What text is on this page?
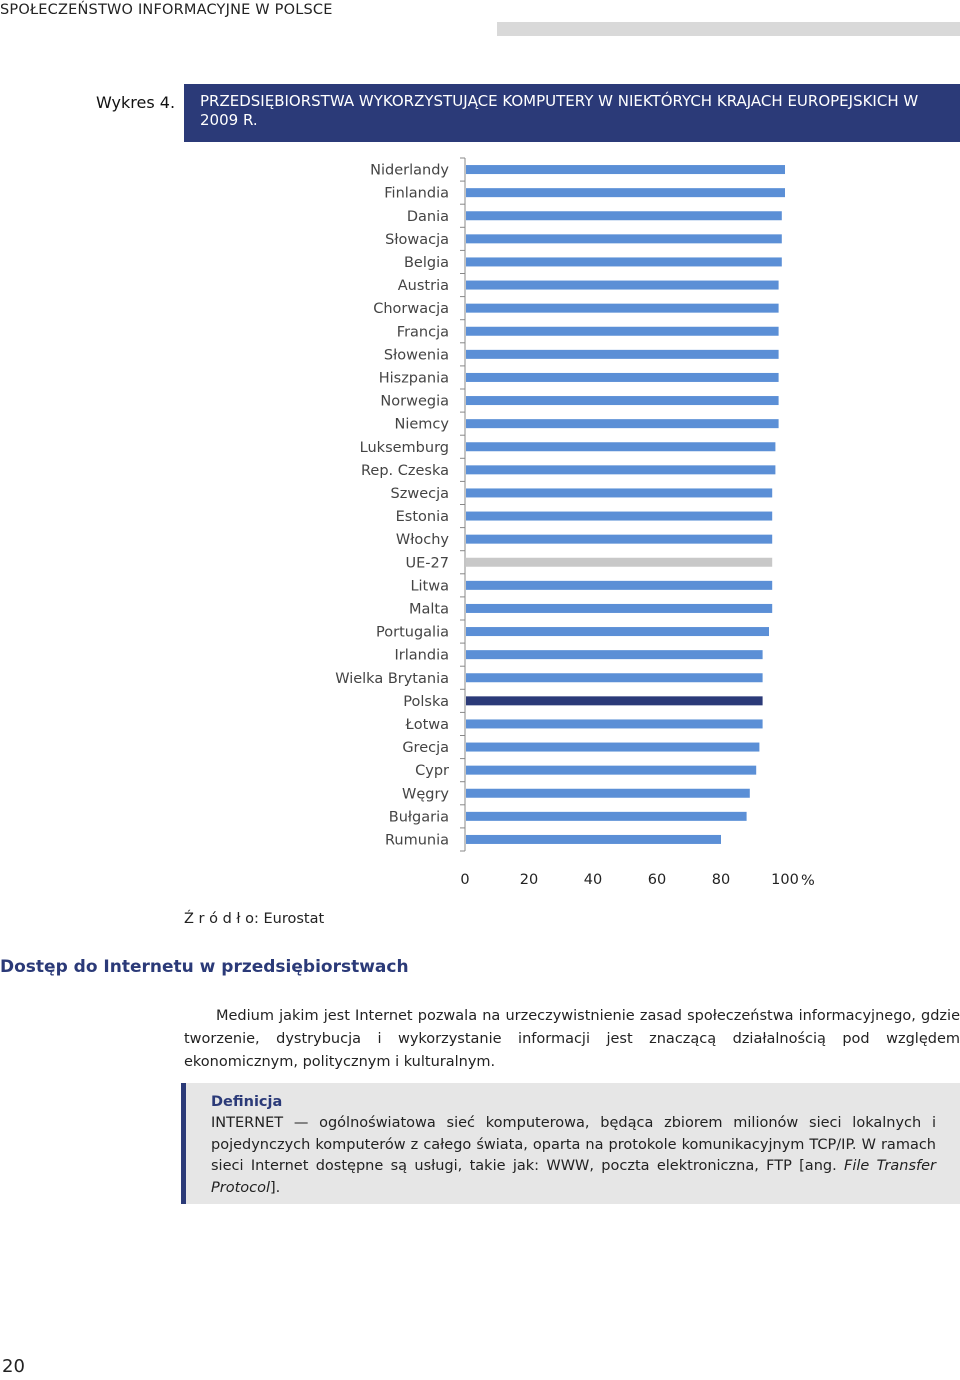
SPOŁECZEŃSTWO INFORMACYJNE W POLSCE
Wykres 4. PRZEDSIĘBIORSTWA WYKORZYSTUJĄCE KOMPUTERY W NIEKTÓRYCH KRAJACH EUROPEJSKICH W 2009 R.
Niderlandy
Finlandia
Dania
Słowacja
Belgia
Austria
Chorwacja
Francja
Słowenia
Hiszpania
Norwegia
Niemcy
Luksemburg
Rep. Czeska
Szwecja
Estonia
Włochy
UE-27
Litwa
Malta
Portugalia
Irlandia
Wielka Brytania
Polska
Łotwa
Grecja
Cypr
Węgry
Bułgaria
Rumunia
0	20	40	60	80	100 %
Ź r ó d ł o: Eurostat
Dostęp do Internetu w przedsiębiorstwach
Medium jakim jest Internet pozwala na urzeczywistnienie zasad społeczeństwa informacyjnego, gdzie tworzenie, dystrybucja i wykorzystanie informacji jest znaczącą działalnością pod względem ekonomicznym, politycznym i kulturalnym.
Definicja
INTERNET — ogólnoświatowa sieć komputerowa, będąca zbiorem milionów sieci lokalnych i pojedynczych komputerów z całego świata, oparta na protokole komunikacyjnym TCP/IP. W ramach sieci Internet dostępne są usługi, takie jak: WWW, poczta elektroniczna, FTP [ang. File Transfer Protocol].
20
